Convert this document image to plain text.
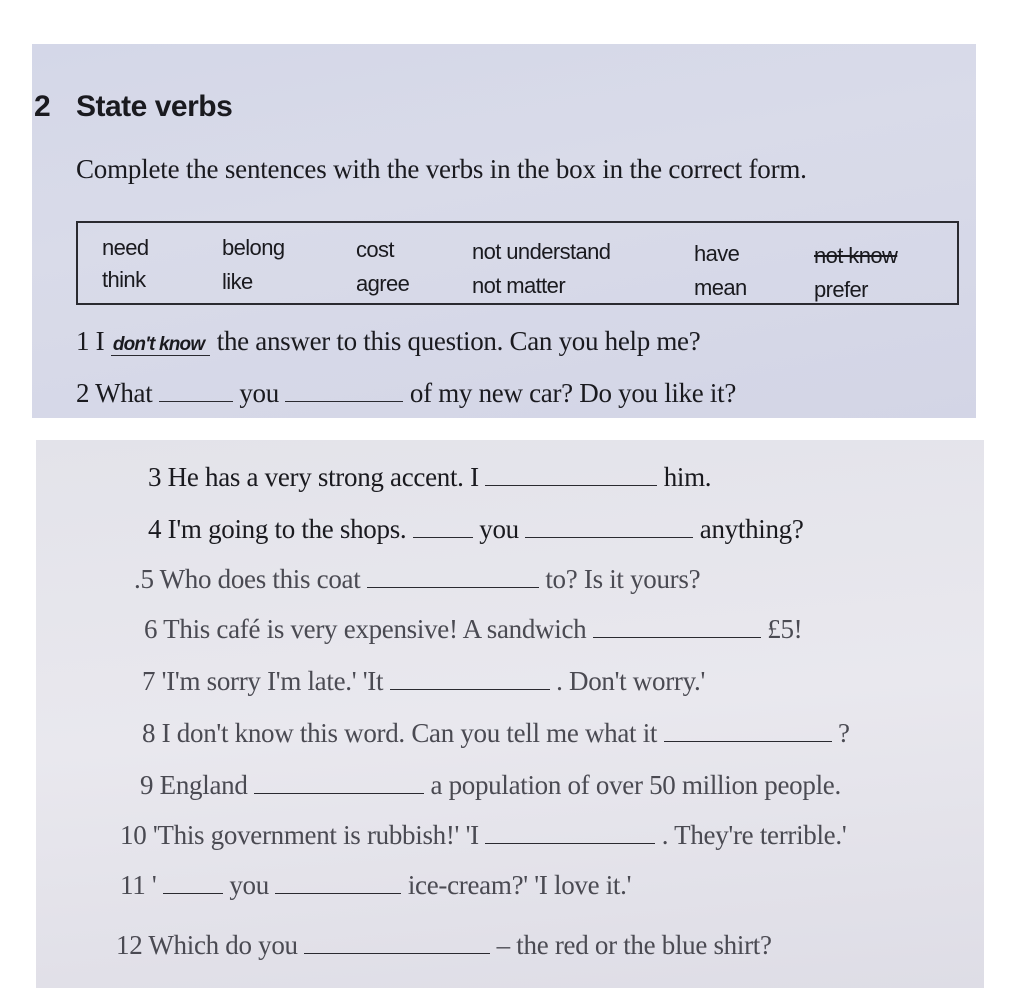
2 State verbs
Complete the sentences with the verbs in the box in the correct form.
need	belong	cost	not understand	have	not know
think	like	agree	not matter	mean	prefer
1 I don't know the answer to this question. Can you help me?
2 What	you	of my new car? Do you like it?
3 He has a very strong accent. I	him.
4 I'm going to the shops.	you	anything?
.5 Who does this coat	to? Is it yours?
6 This café is very expensive! A sandwich	£5!
7 'I'm sorry I'm late.' 'It	. Don't worry.'
8 I don't know this word. Can you tell me what it	?
9 England	a population of over 50 million people.
10 'This government is rubbish!' 'I	. They're terrible.'
11 '	you	ice-cream?' 'I love it.'
12 Which do you	– the red or the blue shirt?
